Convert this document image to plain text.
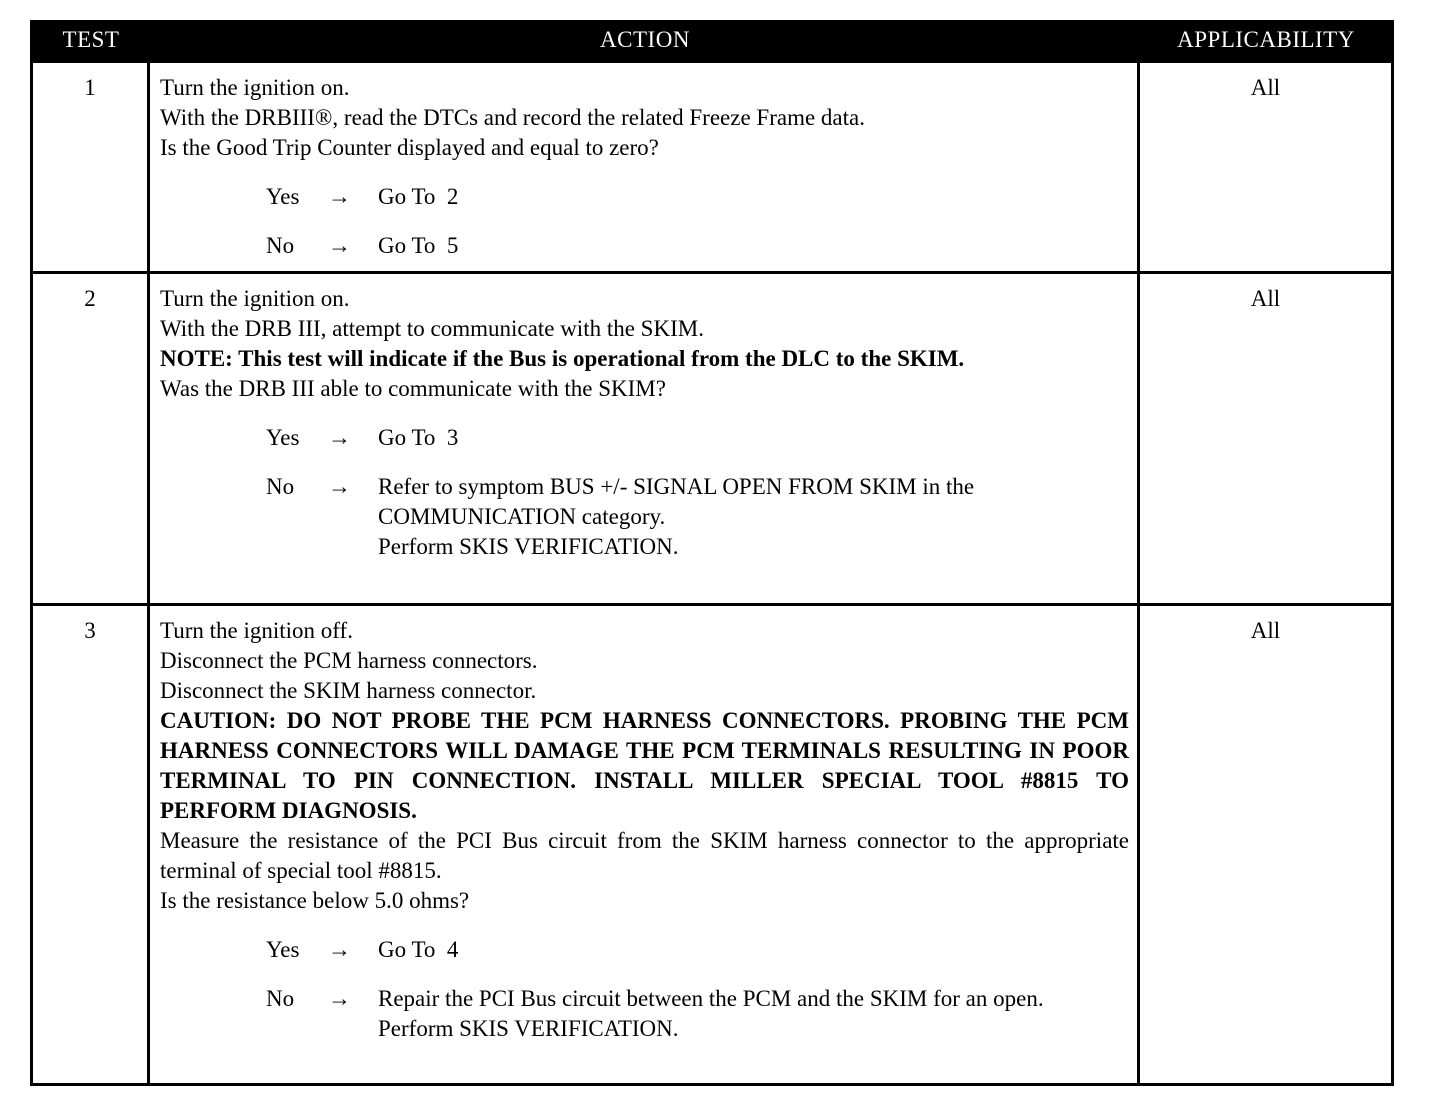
TEST	ACTION	APPLICABILITY
1	Turn the ignition on.
With the DRBIII®, read the DTCs and record the related Freeze Frame data.
Is the Good Trip Counter displayed and equal to zero?
Yes	→	Go To  2
No	→	Go To  5
All
2	Turn the ignition on.
With the DRB III, attempt to communicate with the SKIM.
NOTE: This test will indicate if the Bus is operational from the DLC to the SKIM.
Was the DRB III able to communicate with the SKIM?
Yes	→	Go To  3
No	→	Refer to symptom BUS +/- SIGNAL OPEN FROM SKIM in the COMMUNICATION category.
Perform SKIS VERIFICATION.
All
3	Turn the ignition off.
Disconnect the PCM harness connectors.
Disconnect the SKIM harness connector.
CAUTION: DO NOT PROBE THE PCM HARNESS CONNECTORS. PROBING THE PCM HARNESS CONNECTORS WILL DAMAGE THE PCM TERMINALS RESULTING IN POOR TERMINAL TO PIN CONNECTION. INSTALL MILLER SPECIAL TOOL #8815 TO PERFORM DIAGNOSIS.
Measure the resistance of the PCI Bus circuit from the SKIM harness connector to the appropriate terminal of special tool #8815.
Is the resistance below 5.0 ohms?
Yes	→	Go To  4
No	→	Repair the PCI Bus circuit between the PCM and the SKIM for an open.
Perform SKIS VERIFICATION.
All
